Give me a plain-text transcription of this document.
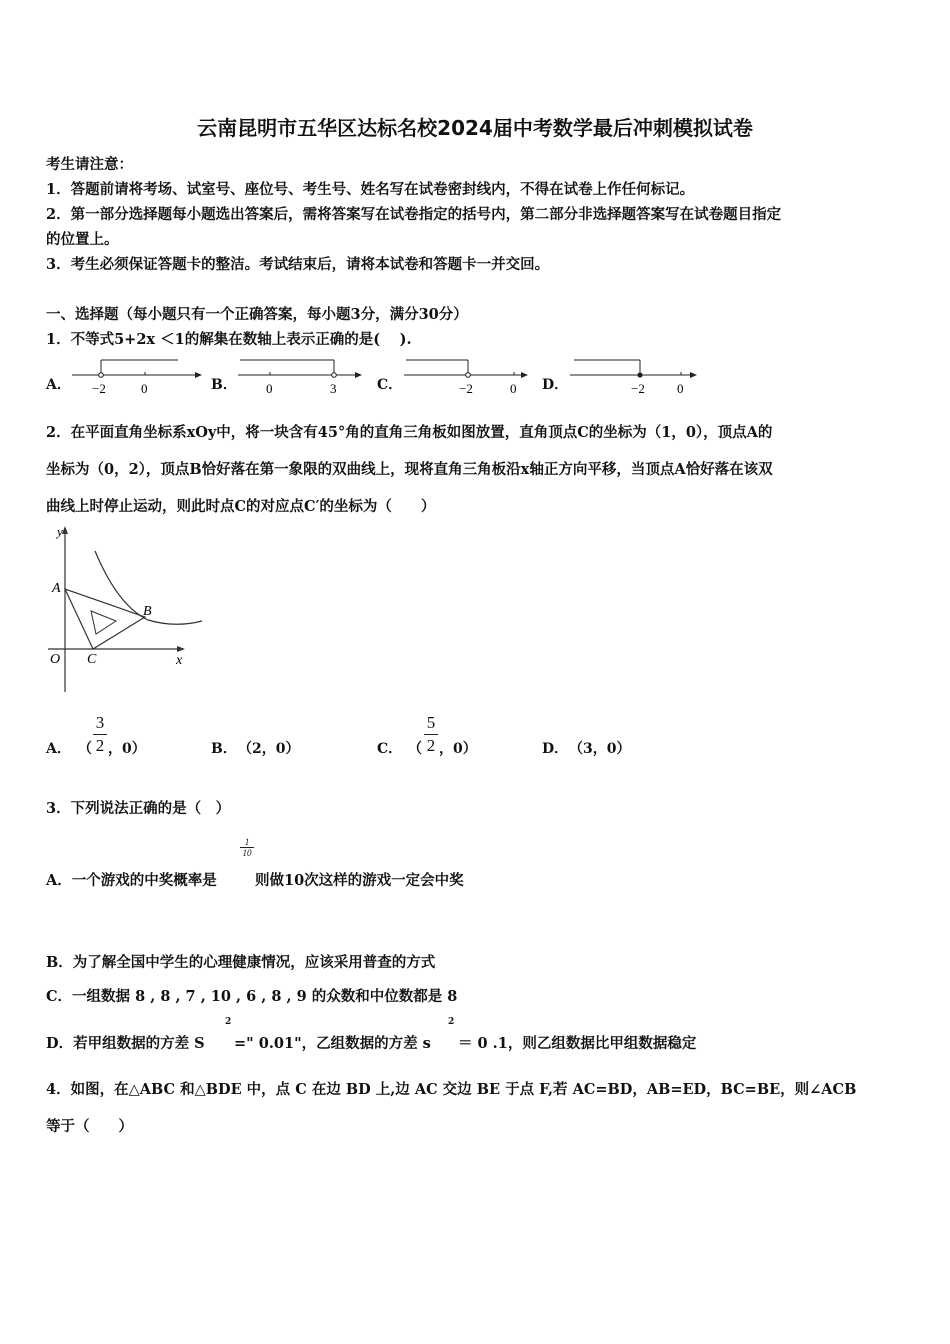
云南昆明市五华区达标名校2024届中考数学最后冲刺模拟试卷
考生请注意：
1．答题前请将考场、试室号、座位号、考生号、姓名写在试卷密封线内，不得在试卷上作任何标记。
2．第一部分选择题每小题选出答案后，需将答案写在试卷指定的括号内，第二部分非选择题答案写在试卷题目指定
的位置上。
3．考生必须保证答题卡的整洁。考试结束后，请将本试卷和答题卡一并交回。
一、选择题（每小题只有一个正确答案，每小题3分，满分30分）
1．不等式5+2x ＜1的解集在数轴上表示正确的是(　 ).
A． −2	0	B． 0	3	C．	−2	0 D．	−2 0
2．在平面直角坐标系xOy中，将一块含有45°角的直角三角板如图放置，直角顶点C的坐标为（1，0），顶点A的
坐标为（0，2），顶点B恰好落在第一象限的双曲线上，现将直角三角板沿x轴正方向平移，当顶点A恰好落在该双
曲线上时停止运动，则此时点C的对应点C′的坐标为（　　）
y
A
B
O C	x
A． （
3
2 ，0）	B． （2，0）	C． （
5
2 ，0）	D． （3，0）
3．下列说法正确的是（　）
A．一个游戏的中奖概率是
1
10
则做10次这样的游戏一定会中奖
B．为了解全国中学生的心理健康情况，应该采用普查的方式
C．一组数据 8 , 8 , 7 , 10 , 6 , 8 , 9 的众数和中位数都是 8
D．若甲组数据的方差 S
2
=" 0.01"，乙组数据的方差 s
2
＝ 0 .1，则乙组数据比甲组数据稳定
4．如图，在△ABC 和△BDE 中，点 C 在边 BD 上,边 AC 交边 BE 于点 F,若 AC=BD，AB=ED，BC=BE，则∠ACB
等于（　　）
